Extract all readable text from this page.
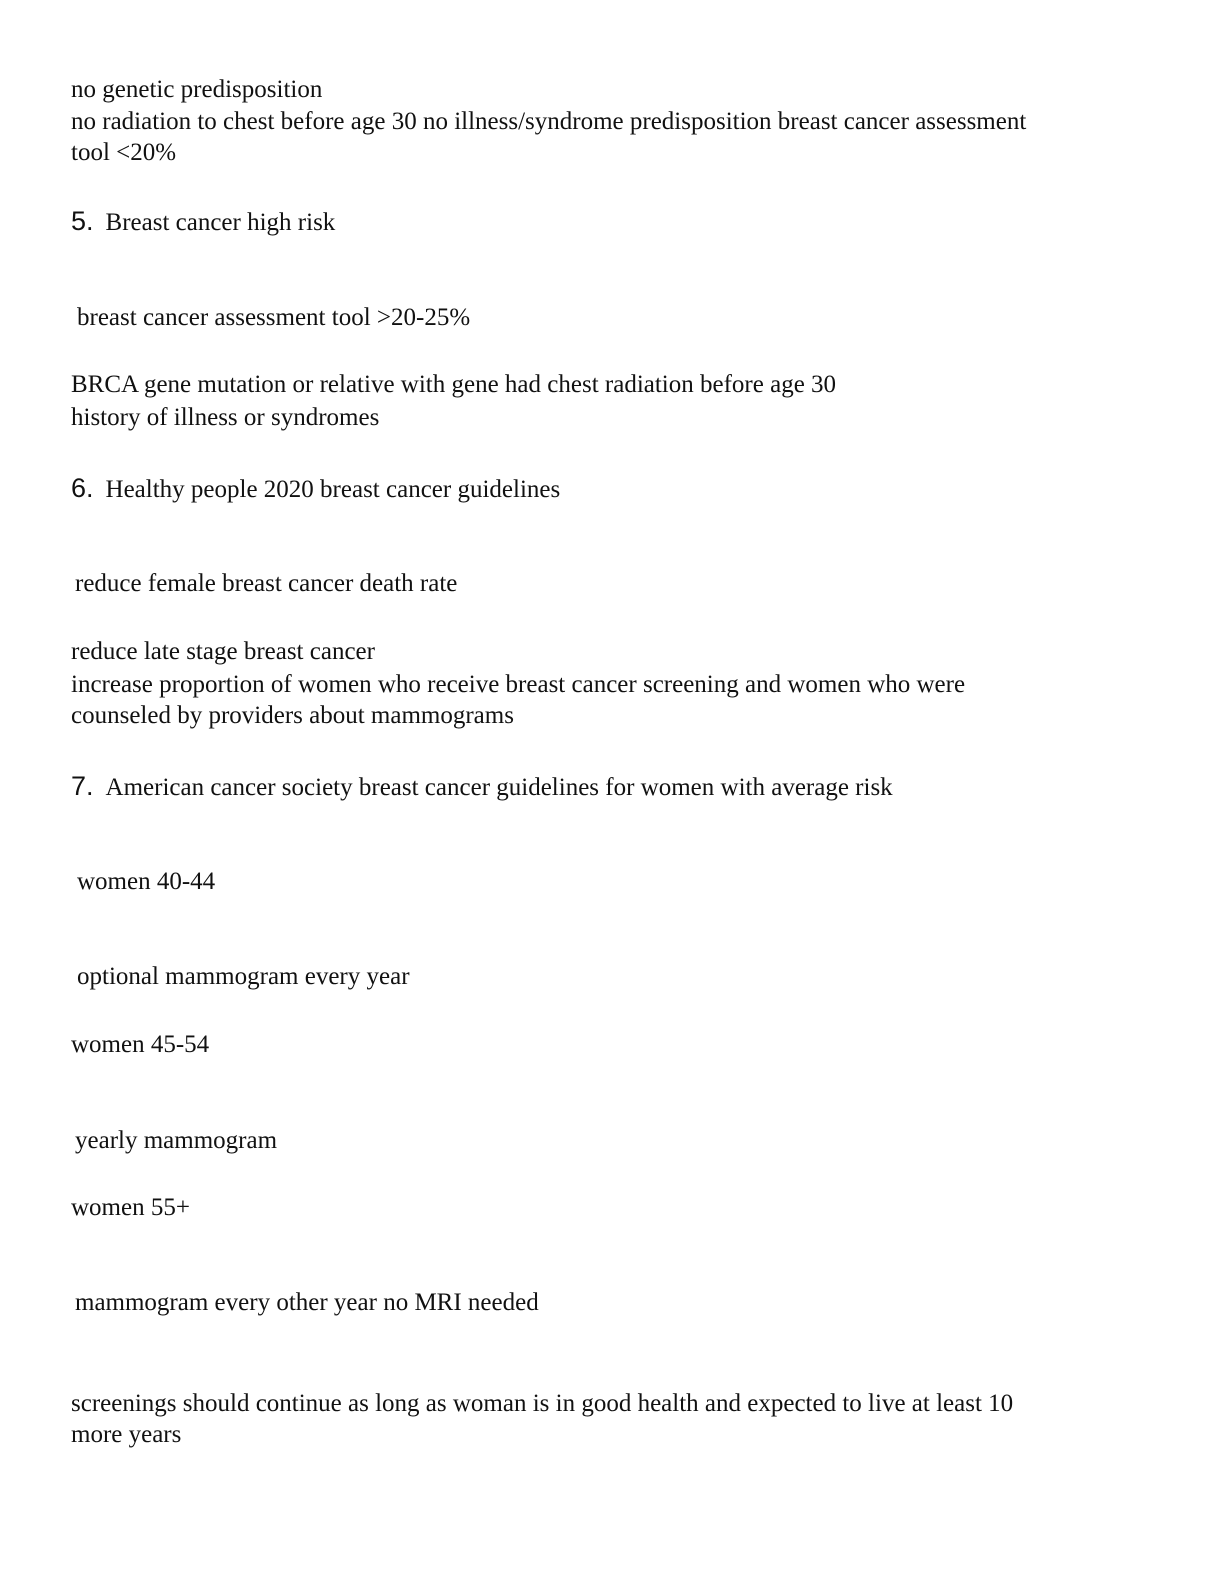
no genetic predisposition

no radiation to chest before age 30 no illness/syndrome predisposition breast cancer assessment

tool <20%

5. Breast cancer high risk

breast cancer assessment tool >20-25%

BRCA gene mutation or relative with gene had chest radiation before age 30

history of illness or syndromes

6. Healthy people 2020 breast cancer guidelines

reduce female breast cancer death rate

reduce late stage breast cancer

increase proportion of women who receive breast cancer screening and women who were

counseled by providers about mammograms

7. American cancer society breast cancer guidelines for women with average risk

women 40-44

optional mammogram every year

women 45-54

yearly mammogram

women 55+

mammogram every other year no MRI needed

screenings should continue as long as woman is in good health and expected to live at least 10

more years
